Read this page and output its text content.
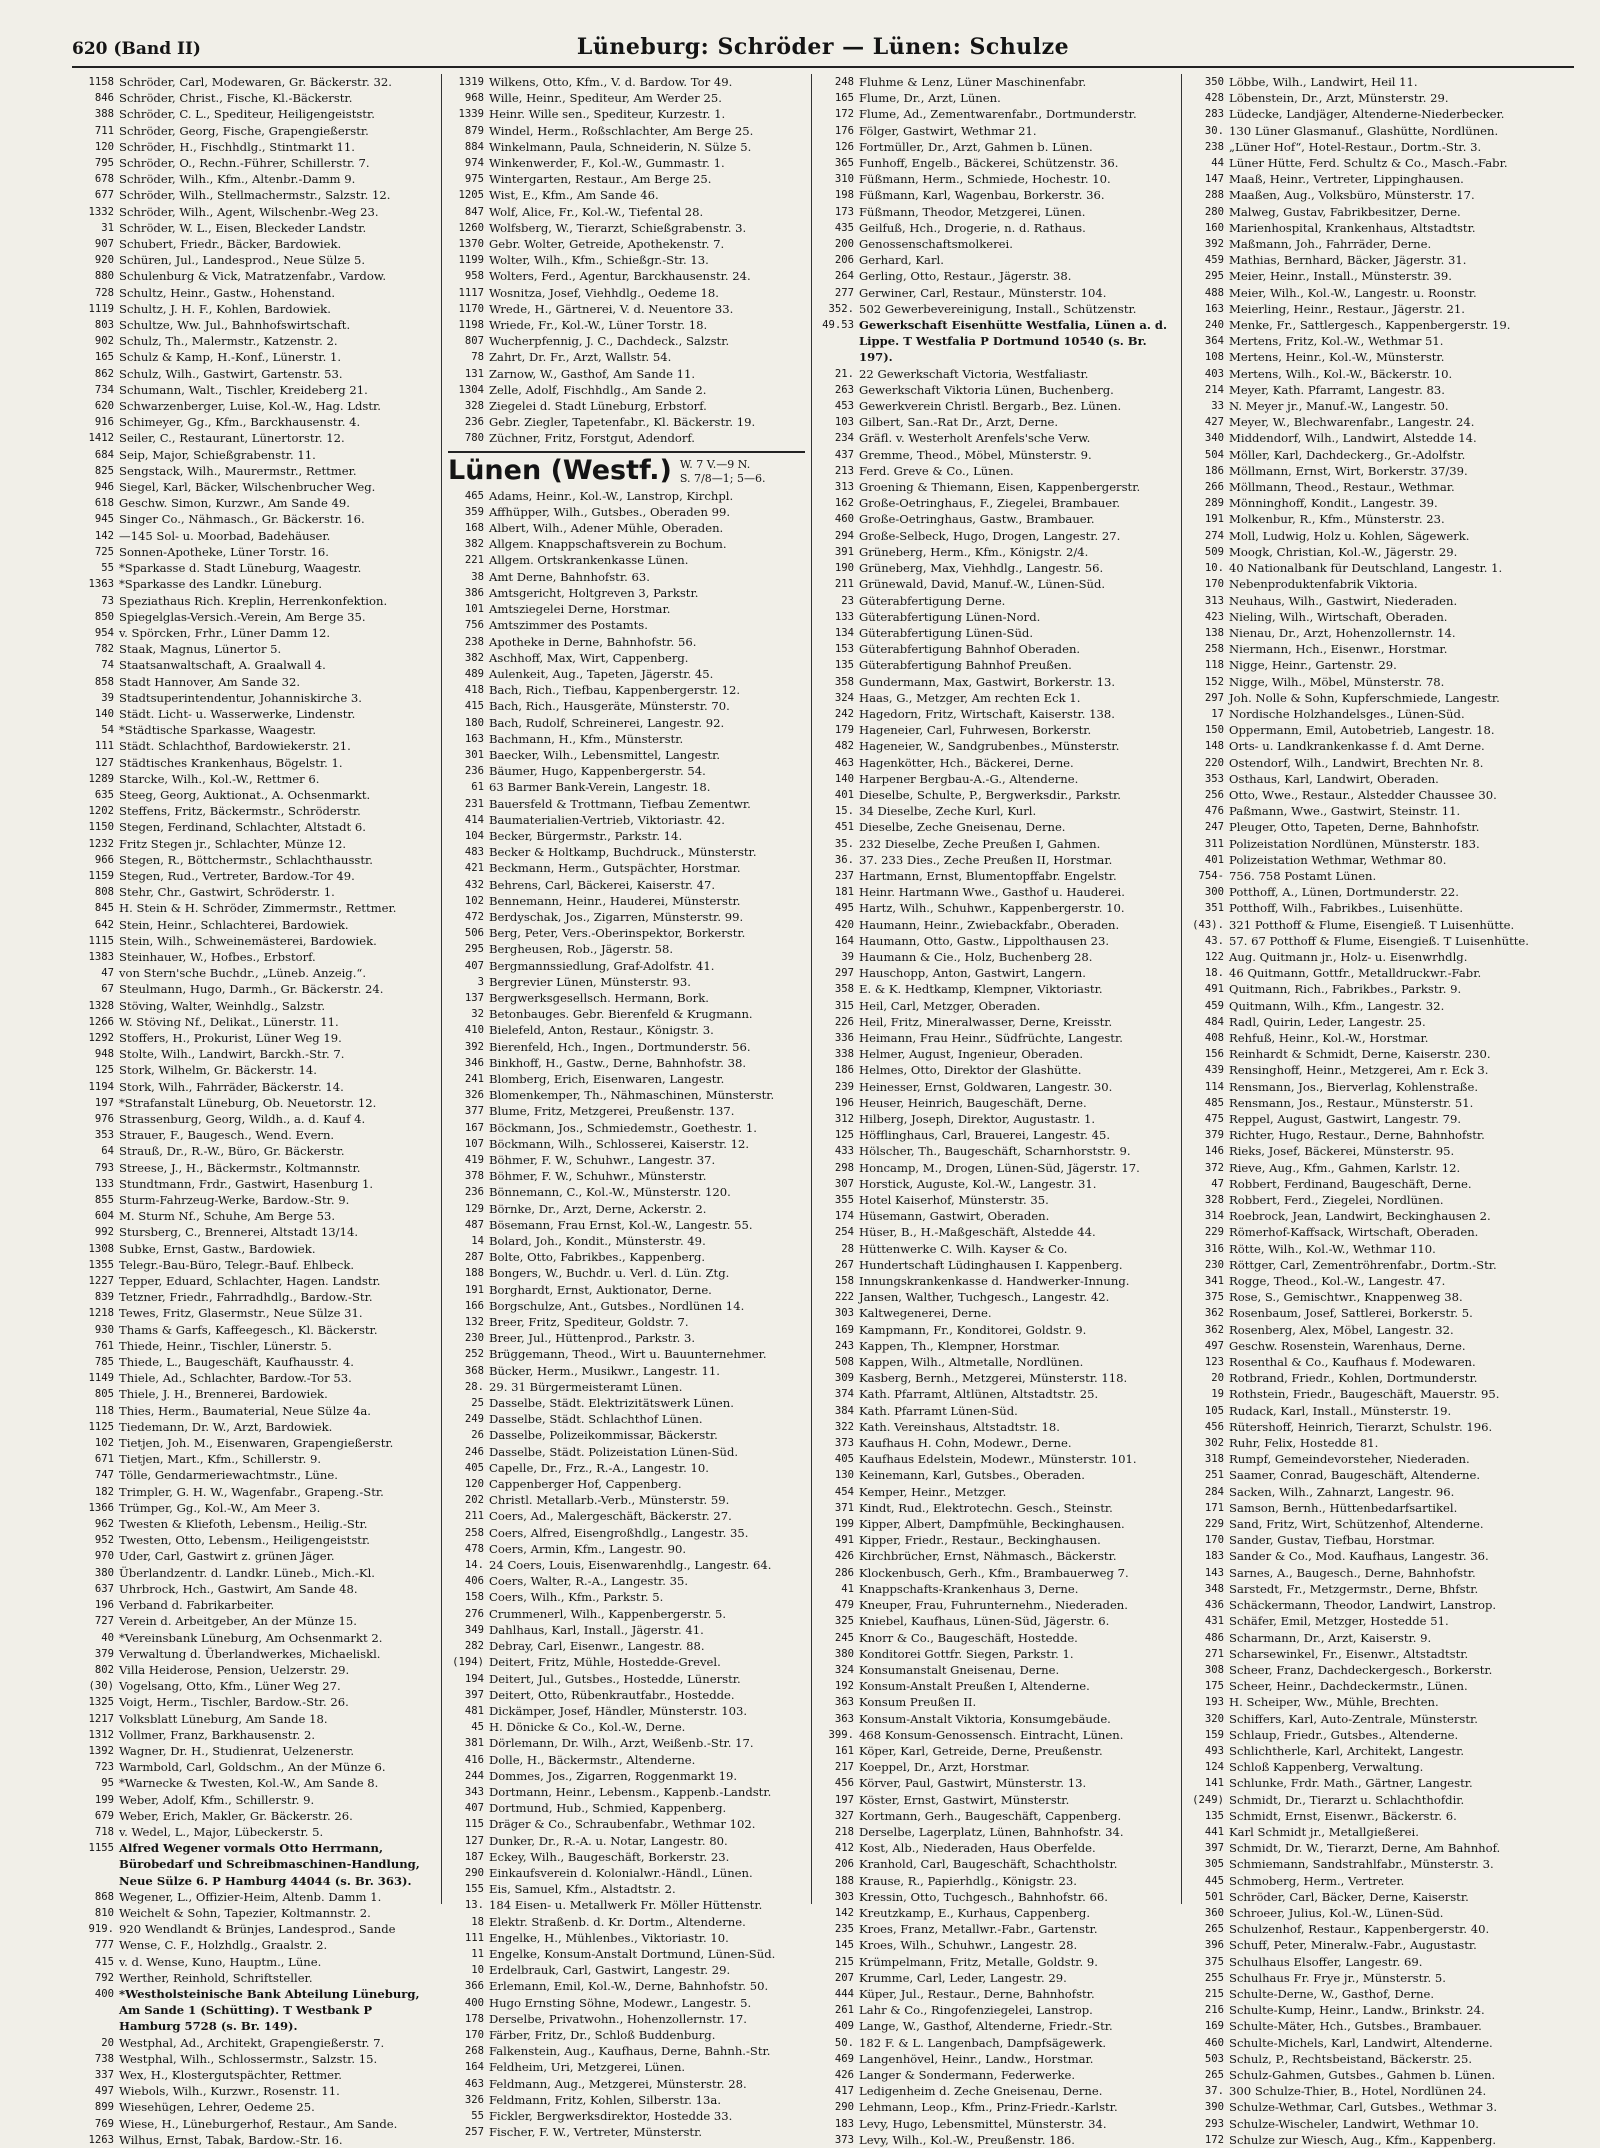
620 (Band II)	Lüneburg: Schröder — Lünen: Schulze
1158 Schröder, Carl, Modewaren, Gr. Bäckerstr. 32.
846 Schröder, Christ., Fische, Kl.-Bäckerstr.
388 Schröder, C. L., Spediteur, Heiligengeiststr.
711 Schröder, Georg, Fische, Grapengießerstr.
120 Schröder, H., Fischhdlg., Stintmarkt 11.
795 Schröder, O., Rechn.-Führer, Schillerstr. 7.
678 Schröder, Wilh., Kfm., Altenbr.-Damm 9.
677 Schröder, Wilh., Stellmachermstr., Salzstr. 12.
1332 Schröder, Wilh., Agent, Wilschenbr.-Weg 23.
31 Schröder, W. L., Eisen, Bleckeder Landstr.
907 Schubert, Friedr., Bäcker, Bardowiek.
920 Schüren, Jul., Landesprod., Neue Sülze 5.
880 Schulenburg & Vick, Matratzenfabr., Vardow.
728 Schultz, Heinr., Gastw., Hohenstand.
1119 Schultz, J. H. F., Kohlen, Bardowiek.
803 Schultze, Ww. Jul., Bahnhofswirtschaft.
902 Schulz, Th., Malermstr., Katzenstr. 2.
165 Schulz & Kamp, H.-Konf., Lünerstr. 1.
862 Schulz, Wilh., Gastwirt, Gartenstr. 53.
734 Schumann, Walt., Tischler, Kreideberg 21.
620 Schwarzenberger, Luise, Kol.-W., Hag. Ldstr.
916 Schimeyer, Gg., Kfm., Barckhausenstr. 4.
1412 Seiler, C., Restaurant, Lünertorstr. 12.
684 Seip, Major, Schießgrabenstr. 11.
825 Sengstack, Wilh., Maurermstr., Rettmer.
946 Siegel, Karl, Bäcker, Wilschenbrucher Weg.
618 Geschw. Simon, Kurzwr., Am Sande 49.
945 Singer Co., Nähmasch., Gr. Bäckerstr. 16.
142 —145 Sol- u. Moorbad, Badehäuser.
725 Sonnen-Apotheke, Lüner Torstr. 16.
55 *Sparkasse d. Stadt Lüneburg, Waagestr.
1363 *Sparkasse des Landkr. Lüneburg.
73 Speziathaus Rich. Kreplin, Herrenkonfektion.
850 Spiegelglas-Versich.-Verein, Am Berge 35.
954 v. Spörcken, Frhr., Lüner Damm 12.
782 Staak, Magnus, Lünertor 5.
74 Staatsanwaltschaft, A. Graalwall 4.
858 Stadt Hannover, Am Sande 32.
39 Stadtsuperintendentur, Johanniskirche 3.
140 Städt. Licht- u. Wasserwerke, Lindenstr.
54 *Städtische Sparkasse, Waagestr.
111 Städt. Schlachthof, Bardowiekerstr. 21.
127 Städtisches Krankenhaus, Bögelstr. 1.
1289 Starcke, Wilh., Kol.-W., Rettmer 6.
635 Steeg, Georg, Auktionat., A. Ochsenmarkt.
1202 Steffens, Fritz, Bäckermstr., Schröderstr.
1150 Stegen, Ferdinand, Schlachter, Altstadt 6.
1232 Fritz Stegen jr., Schlachter, Münze 12.
966 Stegen, R., Böttchermstr., Schlachthausstr.
1159 Stegen, Rud., Vertreter, Bardow.-Tor 49.
808 Stehr, Chr., Gastwirt, Schröderstr. 1.
845 H. Stein & H. Schröder, Zimmermstr., Rettmer.
642 Stein, Heinr., Schlachterei, Bardowiek.
1115 Stein, Wilh., Schweinemästerei, Bardowiek.
1383 Steinhauer, W., Hofbes., Erbstorf.
47 von Stern'sche Buchdr., „Lüneb. Anzeig.“.
67 Steulmann, Hugo, Darmh., Gr. Bäckerstr. 24.
1328 Stöving, Walter, Weinhdlg., Salzstr.
1266 W. Stöving Nf., Delikat., Lünerstr. 11.
1292 Stoffers, H., Prokurist, Lüner Weg 19.
948 Stolte, Wilh., Landwirt, Barckh.-Str. 7.
125 Stork, Wilhelm, Gr. Bäckerstr. 14.
1194 Stork, Wilh., Fahrräder, Bäckerstr. 14.
197 *Strafanstalt Lüneburg, Ob. Neuetorstr. 12.
976 Strassenburg, Georg, Wildh., a. d. Kauf 4.
353 Strauer, F., Baugesch., Wend. Evern.
64 Strauß, Dr., R.-W., Büro, Gr. Bäckerstr.
793 Streese, J., H., Bäckermstr., Koltmannstr.
133 Stundtmann, Frdr., Gastwirt, Hasenburg 1.
855 Sturm-Fahrzeug-Werke, Bardow.-Str. 9.
604 M. Sturm Nf., Schuhe, Am Berge 53.
992 Stursberg, C., Brennerei, Altstadt 13/14.
1308 Subke, Ernst, Gastw., Bardowiek.
1355 Telegr.-Bau-Büro, Telegr.-Bauf. Ehlbeck.
1227 Tepper, Eduard, Schlachter, Hagen. Landstr.
839 Tetzner, Friedr., Fahrradhdlg., Bardow.-Str.
1218 Tewes, Fritz, Glasermstr., Neue Sülze 31.
930 Thams & Garfs, Kaffeegesch., Kl. Bäckerstr.
761 Thiede, Heinr., Tischler, Lünerstr. 5.
785 Thiede, L., Baugeschäft, Kaufhausstr. 4.
1149 Thiele, Ad., Schlachter, Bardow.-Tor 53.
805 Thiele, J. H., Brennerei, Bardowiek.
118 Thies, Herm., Baumaterial, Neue Sülze 4a.
1125 Tiedemann, Dr. W., Arzt, Bardowiek.
102 Tietjen, Joh. M., Eisenwaren, Grapengießerstr.
671 Tietjen, Mart., Kfm., Schillerstr. 9.
747 Tölle, Gendarmeriewachtmstr., Lüne.
182 Trimpler, G. H. W., Wagenfabr., Grapeng.-Str.
1366 Trümper, Gg., Kol.-W., Am Meer 3.
962 Twesten & Kliefoth, Lebensm., Heilig.-Str.
952 Twesten, Otto, Lebensm., Heiligengeiststr.
970 Uder, Carl, Gastwirt z. grünen Jäger.
380 Überlandzentr. d. Landkr. Lüneb., Mich.-Kl.
637 Uhrbrock, Hch., Gastwirt, Am Sande 48.
196 Verband d. Fabrikarbeiter.
727 Verein d. Arbeitgeber, An der Münze 15.
40 *Vereinsbank Lüneburg, Am Ochsenmarkt 2.
379 Verwaltung d. Überlandwerkes, Michaeliskl.
802 Villa Heiderose, Pension, Uelzerstr. 29.
(30) Vogelsang, Otto, Kfm., Lüner Weg 27.
1325 Voigt, Herm., Tischler, Bardow.-Str. 26.
1217 Volksblatt Lüneburg, Am Sande 18.
1312 Vollmer, Franz, Barkhausenstr. 2.
1392 Wagner, Dr. H., Studienrat, Uelzenerstr.
723 Warmbold, Carl, Goldschm., An der Münze 6.
95 *Warnecke & Twesten, Kol.-W., Am Sande 8.
199 Weber, Adolf, Kfm., Schillerstr. 9.
679 Weber, Erich, Makler, Gr. Bäckerstr. 26.
718 v. Wedel, L., Major, Lübeckerstr. 5.
1155 Alfred Wegener vormals Otto Herrmann, Bürobedarf und Schreibmaschinen-Handlung, Neue Sülze 6. P Hamburg 44044 (s. Br. 363).
868 Wegener, L., Offizier-Heim, Altenb. Damm 1.
810 Weichelt & Sohn, Tapezier, Koltmannstr. 2.
919. 920 Wendlandt & Brünjes, Landesprod., Sande
777 Wense, C. F., Holzhdlg., Graalstr. 2.
415 v. d. Wense, Kuno, Hauptm., Lüne.
792 Werther, Reinhold, Schriftsteller.
400 *Westholsteinische Bank Abteilung Lüneburg, Am Sande 1 (Schütting). T Westbank P Hamburg 5728 (s. Br. 149).
20 Westphal, Ad., Architekt, Grapengießerstr. 7.
738 Westphal, Wilh., Schlossermstr., Salzstr. 15.
337 Wex, H., Klostergutspächter, Rettmer.
497 Wiebols, Wilh., Kurzwr., Rosenstr. 11.
899 Wiesehügen, Lehrer, Oedeme 25.
769 Wiese, H., Lüneburgerhof, Restaur., Am Sande.
1263 Wilhus, Ernst, Tabak, Bardow.-Str. 16.
1319 Wilkens, Otto, Kfm., V. d. Bardow. Tor 49.
968 Wille, Heinr., Spediteur, Am Werder 25.
1339 Heinr. Wille sen., Spediteur, Kurzestr. 1.
879 Windel, Herm., Roßschlachter, Am Berge 25.
884 Winkelmann, Paula, Schneiderin, N. Sülze 5.
974 Winkenwerder, F., Kol.-W., Gummastr. 1.
975 Wintergarten, Restaur., Am Berge 25.
1205 Wist, E., Kfm., Am Sande 46.
847 Wolf, Alice, Fr., Kol.-W., Tiefental 28.
1260 Wolfsberg, W., Tierarzt, Schießgrabenstr. 3.
1370 Gebr. Wolter, Getreide, Apothekenstr. 7.
1199 Wolter, Wilh., Kfm., Schießgr.-Str. 13.
958 Wolters, Ferd., Agentur, Barckhausenstr. 24.
1117 Wosnitza, Josef, Viehhdlg., Oedeme 18.
1170 Wrede, H., Gärtnerei, V. d. Neuentore 33.
1198 Wriede, Fr., Kol.-W., Lüner Torstr. 18.
807 Wucherpfennig, J. C., Dachdeck., Salzstr.
78 Zahrt, Dr. Fr., Arzt, Wallstr. 54.
131 Zarnow, W., Gasthof, Am Sande 11.
1304 Zelle, Adolf, Fischhdlg., Am Sande 2.
328 Ziegelei d. Stadt Lüneburg, Erbstorf.
236 Gebr. Ziegler, Tapetenfabr., Kl. Bäckerstr. 19.
780 Züchner, Fritz, Forstgut, Adendorf.
Lünen (Westf.) W. 7 V.—9 N.
S. 7/8—1; 5—6.
465 Adams, Heinr., Kol.-W., Lanstrop, Kirchpl.
359 Affhüpper, Wilh., Gutsbes., Oberaden 99.
168 Albert, Wilh., Adener Mühle, Oberaden.
382 Allgem. Knappschaftsverein zu Bochum.
221 Allgem. Ortskrankenkasse Lünen.
38 Amt Derne, Bahnhofstr. 63.
386 Amtsgericht, Holtgreven 3, Parkstr.
101 Amtsziegelei Derne, Horstmar.
756 Amtszimmer des Postamts.
238 Apotheke in Derne, Bahnhofstr. 56.
382 Aschhoff, Max, Wirt, Cappenberg.
489 Aulenkeit, Aug., Tapeten, Jägerstr. 45.
418 Bach, Rich., Tiefbau, Kappenbergerstr. 12.
415 Bach, Rich., Hausgeräte, Münsterstr. 70.
180 Bach, Rudolf, Schreinerei, Langestr. 92.
163 Bachmann, H., Kfm., Münsterstr.
301 Baecker, Wilh., Lebensmittel, Langestr.
236 Bäumer, Hugo, Kappenbergerstr. 54.
61 63 Barmer Bank-Verein, Langestr. 18.
231 Bauersfeld & Trottmann, Tiefbau Zementwr.
414 Baumaterialien-Vertrieb, Viktoriastr. 42.
104 Becker, Bürgermstr., Parkstr. 14.
483 Becker & Holtkamp, Buchdruck., Münsterstr.
421 Beckmann, Herm., Gutspächter, Horstmar.
432 Behrens, Carl, Bäckerei, Kaiserstr. 47.
102 Bennemann, Heinr., Hauderei, Münsterstr.
472 Berdyschak, Jos., Zigarren, Münsterstr. 99.
506 Berg, Peter, Vers.-Oberinspektor, Borkerstr.
295 Bergheusen, Rob., Jägerstr. 58.
407 Bergmannssiedlung, Graf-Adolfstr. 41.
3 Bergrevier Lünen, Münsterstr. 93.
137 Bergwerksgesellsch. Hermann, Bork.
32 Betonbauges. Gebr. Bierenfeld & Krugmann.
410 Bielefeld, Anton, Restaur., Königstr. 3.
392 Bierenfeld, Hch., Ingen., Dortmunderstr. 56.
346 Binkhoff, H., Gastw., Derne, Bahnhofstr. 38.
241 Blomberg, Erich, Eisenwaren, Langestr.
326 Blomenkemper, Th., Nähmaschinen, Münsterstr.
377 Blume, Fritz, Metzgerei, Preußenstr. 137.
167 Böckmann, Jos., Schmiedemstr., Goethestr. 1.
107 Böckmann, Wilh., Schlosserei, Kaiserstr. 12.
419 Böhmer, F. W., Schuhwr., Langestr. 37.
378 Böhmer, F. W., Schuhwr., Münsterstr.
236 Bönnemann, C., Kol.-W., Münsterstr. 120.
129 Börnke, Dr., Arzt, Derne, Ackerstr. 2.
487 Bösemann, Frau Ernst, Kol.-W., Langestr. 55.
14 Bolard, Joh., Kondit., Münsterstr. 49.
287 Bolte, Otto, Fabrikbes., Kappenberg.
188 Bongers, W., Buchdr. u. Verl. d. Lün. Ztg.
191 Borghardt, Ernst, Auktionator, Derne.
166 Borgschulze, Ant., Gutsbes., Nordlünen 14.
132 Breer, Fritz, Spediteur, Goldstr. 7.
230 Breer, Jul., Hüttenprod., Parkstr. 3.
252 Brüggemann, Theod., Wirt u. Bauunternehmer.
368 Bücker, Herm., Musikwr., Langestr. 11.
28. 29. 31 Bürgermeisteramt Lünen.
25 Dasselbe, Städt. Elektrizitätswerk Lünen.
249 Dasselbe, Städt. Schlachthof Lünen.
26 Dasselbe, Polizeikommissar, Bäckerstr.
246 Dasselbe, Städt. Polizeistation Lünen-Süd.
405 Capelle, Dr., Frz., R.-A., Langestr. 10.
120 Cappenberger Hof, Cappenberg.
202 Christl. Metallarb.-Verb., Münsterstr. 59.
211 Coers, Ad., Malergeschäft, Bäckerstr. 27.
258 Coers, Alfred, Eisengroßhdlg., Langestr. 35.
478 Coers, Armin, Kfm., Langestr. 90.
14. 24 Coers, Louis, Eisenwarenhdlg., Langestr. 64.
406 Coers, Walter, R.-A., Langestr. 35.
158 Coers, Wilh., Kfm., Parkstr. 5.
276 Crummenerl, Wilh., Kappenbergerstr. 5.
349 Dahlhaus, Karl, Install., Jägerstr. 41.
282 Debray, Carl, Eisenwr., Langestr. 88.
(194) Deitert, Fritz, Mühle, Hostedde-Grevel.
194 Deitert, Jul., Gutsbes., Hostedde, Lünerstr.
397 Deitert, Otto, Rübenkrautfabr., Hostedde.
481 Dickämper, Josef, Händler, Münsterstr. 103.
45 H. Dönicke & Co., Kol.-W., Derne.
381 Dörlemann, Dr. Wilh., Arzt, Weißenb.-Str. 17.
416 Dolle, H., Bäckermstr., Altenderne.
244 Dommes, Jos., Zigarren, Roggenmarkt 19.
343 Dortmann, Heinr., Lebensm., Kappenb.-Landstr.
407 Dortmund, Hub., Schmied, Kappenberg.
115 Dräger & Co., Schraubenfabr., Wethmar 102.
127 Dunker, Dr., R.-A. u. Notar, Langestr. 80.
187 Eckey, Wilh., Baugeschäft, Borkerstr. 23.
290 Einkaufsverein d. Kolonialwr.-Händl., Lünen.
155 Eis, Samuel, Kfm., Alstadtstr. 2.
13. 184 Eisen- u. Metallwerk Fr. Möller Hüttenstr.
18 Elektr. Straßenb. d. Kr. Dortm., Altenderne.
111 Engelke, H., Mühlenbes., Viktoriastr. 10.
11 Engelke, Konsum-Anstalt Dortmund, Lünen-Süd.
10 Erdelbrauk, Carl, Gastwirt, Langestr. 29.
366 Erlemann, Emil, Kol.-W., Derne, Bahnhofstr. 50.
400 Hugo Ernsting Söhne, Modewr., Langestr. 5.
178 Derselbe, Privatwohn., Hohenzollernstr. 17.
170 Färber, Fritz, Dr., Schloß Buddenburg.
268 Falkenstein, Aug., Kaufhaus, Derne, Bahnh.-Str.
164 Feldheim, Uri, Metzgerei, Lünen.
463 Feldmann, Aug., Metzgerei, Münsterstr. 28.
326 Feldmann, Fritz, Kohlen, Silberstr. 13a.
55 Fickler, Bergwerksdirektor, Hostedde 33.
257 Fischer, F. W., Vertreter, Münsterstr.
248 Fluhme & Lenz, Lüner Maschinenfabr.
165 Flume, Dr., Arzt, Lünen.
172 Flume, Ad., Zementwarenfabr., Dortmunderstr.
176 Fölger, Gastwirt, Wethmar 21.
126 Fortmüller, Dr., Arzt, Gahmen b. Lünen.
365 Funhoff, Engelb., Bäckerei, Schützenstr. 36.
310 Füßmann, Herm., Schmiede, Hochestr. 10.
198 Füßmann, Karl, Wagenbau, Borkerstr. 36.
173 Füßmann, Theodor, Metzgerei, Lünen.
435 Geilfuß, Hch., Drogerie, n. d. Rathaus.
200 Genossenschaftsmolkerei.
206 Gerhard, Karl.
264 Gerling, Otto, Restaur., Jägerstr. 38.
277 Gerwiner, Carl, Restaur., Münsterstr. 104.
352. 502 Gewerbevereinigung, Install., Schützenstr.
49.53 Gewerkschaft Eisenhütte Westfalia, Lünen a. d. Lippe. T Westfalia P Dortmund 10540 (s. Br. 197).
21. 22 Gewerkschaft Victoria, Westfaliastr.
263 Gewerkschaft Viktoria Lünen, Buchenberg.
453 Gewerkverein Christl. Bergarb., Bez. Lünen.
103 Gilbert, San.-Rat Dr., Arzt, Derne.
234 Gräfl. v. Westerholt Arenfels'sche Verw.
437 Gremme, Theod., Möbel, Münsterstr. 9.
213 Ferd. Greve & Co., Lünen.
313 Groening & Thiemann, Eisen, Kappenbergerstr.
162 Große-Oetringhaus, F., Ziegelei, Brambauer.
460 Große-Oetringhaus, Gastw., Brambauer.
294 Große-Selbeck, Hugo, Drogen, Langestr. 27.
391 Grüneberg, Herm., Kfm., Königstr. 2/4.
190 Grüneberg, Max, Viehhdlg., Langestr. 56.
211 Grünewald, David, Manuf.-W., Lünen-Süd.
23 Güterabfertigung Derne.
133 Güterabfertigung Lünen-Nord.
134 Güterabfertigung Lünen-Süd.
153 Güterabfertigung Bahnhof Oberaden.
135 Güterabfertigung Bahnhof Preußen.
358 Gundermann, Max, Gastwirt, Borkerstr. 13.
324 Haas, G., Metzger, Am rechten Eck 1.
242 Hagedorn, Fritz, Wirtschaft, Kaiserstr. 138.
179 Hageneier, Carl, Fuhrwesen, Borkerstr.
482 Hageneier, W., Sandgrubenbes., Münsterstr.
463 Hagenkötter, Hch., Bäckerei, Derne.
140 Harpener Bergbau-A.-G., Altenderne.
401 Dieselbe, Schulte, P., Bergwerksdir., Parkstr.
15. 34 Dieselbe, Zeche Kurl, Kurl.
451 Dieselbe, Zeche Gneisenau, Derne.
35. 232 Dieselbe, Zeche Preußen I, Gahmen.
36. 37. 233 Dies., Zeche Preußen II, Horstmar.
237 Hartmann, Ernst, Blumentopffabr. Engelstr.
181 Heinr. Hartmann Wwe., Gasthof u. Hauderei.
495 Hartz, Wilh., Schuhwr., Kappenbergerstr. 10.
420 Haumann, Heinr., Zwiebackfabr., Oberaden.
164 Haumann, Otto, Gastw., Lippolthausen 23.
39 Haumann & Cie., Holz, Buchenberg 28.
297 Hauschopp, Anton, Gastwirt, Langern.
358 E. & K. Hedtkamp, Klempner, Viktoriastr.
315 Heil, Carl, Metzger, Oberaden.
226 Heil, Fritz, Mineralwasser, Derne, Kreisstr.
336 Heimann, Frau Heinr., Südfrüchte, Langestr.
338 Helmer, August, Ingenieur, Oberaden.
186 Helmes, Otto, Direktor der Glashütte.
239 Heinesser, Ernst, Goldwaren, Langestr. 30.
196 Heuser, Heinrich, Baugeschäft, Derne.
312 Hilberg, Joseph, Direktor, Augustastr. 1.
125 Höfflinghaus, Carl, Brauerei, Langestr. 45.
433 Hölscher, Th., Baugeschäft, Scharnhorststr. 9.
298 Honcamp, M., Drogen, Lünen-Süd, Jägerstr. 17.
307 Horstick, Auguste, Kol.-W., Langestr. 31.
355 Hotel Kaiserhof, Münsterstr. 35.
174 Hüsemann, Gastwirt, Oberaden.
254 Hüser, B., H.-Maßgeschäft, Alstedde 44.
28 Hüttenwerke C. Wilh. Kayser & Co.
267 Hundertschaft Lüdinghausen I. Kappenberg.
158 Innungskrankenkasse d. Handwerker-Innung.
222 Jansen, Walther, Tuchgesch., Langestr. 42.
303 Kaltwegenerei, Derne.
169 Kampmann, Fr., Konditorei, Goldstr. 9.
243 Kappen, Th., Klempner, Horstmar.
508 Kappen, Wilh., Altmetalle, Nordlünen.
309 Kasberg, Bernh., Metzgerei, Münsterstr. 118.
374 Kath. Pfarramt, Altlünen, Altstadtstr. 25.
384 Kath. Pfarramt Lünen-Süd.
322 Kath. Vereinshaus, Altstadtstr. 18.
373 Kaufhaus H. Cohn, Modewr., Derne.
405 Kaufhaus Edelstein, Modewr., Münsterstr. 101.
130 Keinemann, Karl, Gutsbes., Oberaden.
454 Kemper, Heinr., Metzger.
371 Kindt, Rud., Elektrotechn. Gesch., Steinstr.
199 Kipper, Albert, Dampfmühle, Beckinghausen.
491 Kipper, Friedr., Restaur., Beckinghausen.
426 Kirchbrücher, Ernst, Nähmasch., Bäckerstr.
286 Klockenbusch, Gerh., Kfm., Brambauerweg 7.
41 Knappschafts-Krankenhaus 3, Derne.
479 Kneuper, Frau, Fuhrunternehm., Niederaden.
325 Kniebel, Kaufhaus, Lünen-Süd, Jägerstr. 6.
245 Knorr & Co., Baugeschäft, Hostedde.
380 Konditorei Gottfr. Siegen, Parkstr. 1.
324 Konsumanstalt Gneisenau, Derne.
192 Konsum-Anstalt Preußen I, Altenderne.
363 Konsum Preußen II.
363 Konsum-Anstalt Viktoria, Konsumgebäude.
399. 468 Konsum-Genossensch. Eintracht, Lünen.
161 Köper, Karl, Getreide, Derne, Preußenstr.
217 Koeppel, Dr., Arzt, Horstmar.
456 Körver, Paul, Gastwirt, Münsterstr. 13.
197 Köster, Ernst, Gastwirt, Münsterstr.
327 Kortmann, Gerh., Baugeschäft, Cappenberg.
218 Derselbe, Lagerplatz, Lünen, Bahnhofstr. 34.
412 Kost, Alb., Niederaden, Haus Oberfelde.
206 Kranhold, Carl, Baugeschäft, Schachtholstr.
188 Krause, R., Papierhdlg., Königstr. 23.
303 Kressin, Otto, Tuchgesch., Bahnhofstr. 66.
142 Kreutzkamp, E., Kurhaus, Cappenberg.
235 Kroes, Franz, Metallwr.-Fabr., Gartenstr.
145 Kroes, Wilh., Schuhwr., Langestr. 28.
215 Krümpelmann, Fritz, Metalle, Goldstr. 9.
207 Krumme, Carl, Leder, Langestr. 29.
444 Küper, Jul., Restaur., Derne, Bahnhofstr.
261 Lahr & Co., Ringofenziegelei, Lanstrop.
409 Lange, W., Gasthof, Altenderne, Friedr.-Str.
50. 182 F. & L. Langenbach, Dampfsägewerk.
469 Langenhövel, Heinr., Landw., Horstmar.
426 Langer & Sondermann, Federwerke.
417 Ledigenheim d. Zeche Gneisenau, Derne.
290 Lehmann, Leop., Kfm., Prinz-Friedr.-Karlstr.
183 Levy, Hugo, Lebensmittel, Münsterstr. 34.
373 Levy, Wilh., Kol.-W., Preußenstr. 186.
350 Löbbe, Wilh., Landwirt, Heil 11.
428 Löbenstein, Dr., Arzt, Münsterstr. 29.
283 Lüdecke, Landjäger, Altenderne-Niederbecker.
30. 130 Lüner Glasmanuf., Glashütte, Nordlünen.
238 „Lüner Hof“, Hotel-Restaur., Dortm.-Str. 3.
44 Lüner Hütte, Ferd. Schultz & Co., Masch.-Fabr.
147 Maaß, Heinr., Vertreter, Lippinghausen.
288 Maaßen, Aug., Volksbüro, Münsterstr. 17.
280 Malweg, Gustav, Fabrikbesitzer, Derne.
160 Marienhospital, Krankenhaus, Altstadtstr.
392 Maßmann, Joh., Fahrräder, Derne.
459 Mathias, Bernhard, Bäcker, Jägerstr. 31.
295 Meier, Heinr., Install., Münsterstr. 39.
488 Meier, Wilh., Kol.-W., Langestr. u. Roonstr.
163 Meierling, Heinr., Restaur., Jägerstr. 21.
240 Menke, Fr., Sattlergesch., Kappenbergerstr. 19.
364 Mertens, Fritz, Kol.-W., Wethmar 51.
108 Mertens, Heinr., Kol.-W., Münsterstr.
403 Mertens, Wilh., Kol.-W., Bäckerstr. 10.
214 Meyer, Kath. Pfarramt, Langestr. 83.
33 N. Meyer jr., Manuf.-W., Langestr. 50.
427 Meyer, W., Blechwarenfabr., Langestr. 24.
340 Middendorf, Wilh., Landwirt, Alstedde 14.
504 Möller, Karl, Dachdeckerg., Gr.-Adolfstr.
186 Möllmann, Ernst, Wirt, Borkerstr. 37/39.
266 Möllmann, Theod., Restaur., Wethmar.
289 Mönninghoff, Kondit., Langestr. 39.
191 Molkenbur, R., Kfm., Münsterstr. 23.
274 Moll, Ludwig, Holz u. Kohlen, Sägewerk.
509 Moogk, Christian, Kol.-W., Jägerstr. 29.
10. 40 Nationalbank für Deutschland, Langestr. 1.
170 Nebenproduktenfabrik Viktoria.
313 Neuhaus, Wilh., Gastwirt, Niederaden.
423 Nieling, Wilh., Wirtschaft, Oberaden.
138 Nienau, Dr., Arzt, Hohenzollernstr. 14.
258 Niermann, Hch., Eisenwr., Horstmar.
118 Nigge, Heinr., Gartenstr. 29.
152 Nigge, Wilh., Möbel, Münsterstr. 78.
297 Joh. Nolle & Sohn, Kupferschmiede, Langestr.
17 Nordische Holzhandelsges., Lünen-Süd.
150 Oppermann, Emil, Autobetrieb, Langestr. 18.
148 Orts- u. Landkrankenkasse f. d. Amt Derne.
220 Ostendorf, Wilh., Landwirt, Brechten Nr. 8.
353 Osthaus, Karl, Landwirt, Oberaden.
256 Otto, Wwe., Restaur., Alstedder Chaussee 30.
476 Paßmann, Wwe., Gastwirt, Steinstr. 11.
247 Pleuger, Otto, Tapeten, Derne, Bahnhofstr.
311 Polizeistation Nordlünen, Münsterstr. 183.
401 Polizeistation Wethmar, Wethmar 80.
754- 756. 758 Postamt Lünen.
300 Potthoff, A., Lünen, Dortmunderstr. 22.
351 Potthoff, Wilh., Fabrikbes., Luisenhütte.
(43). 321 Potthoff & Flume, Eisengieß. T Luisenhütte.
43. 57. 67 Potthoff & Flume, Eisengieß. T Luisenhütte.
122 Aug. Quitmann jr., Holz- u. Eisenwrhdlg.
18. 46 Quitmann, Gottfr., Metalldruckwr.-Fabr.
491 Quitmann, Rich., Fabrikbes., Parkstr. 9.
459 Quitmann, Wilh., Kfm., Langestr. 32.
484 Radl, Quirin, Leder, Langestr. 25.
408 Rehfuß, Heinr., Kol.-W., Horstmar.
156 Reinhardt & Schmidt, Derne, Kaiserstr. 230.
439 Rensinghoff, Heinr., Metzgerei, Am r. Eck 3.
114 Rensmann, Jos., Bierverlag, Kohlenstraße.
485 Rensmann, Jos., Restaur., Münsterstr. 51.
475 Reppel, August, Gastwirt, Langestr. 79.
379 Richter, Hugo, Restaur., Derne, Bahnhofstr.
146 Rieks, Josef, Bäckerei, Münsterstr. 95.
372 Rieve, Aug., Kfm., Gahmen, Karlstr. 12.
47 Robbert, Ferdinand, Baugeschäft, Derne.
328 Robbert, Ferd., Ziegelei, Nordlünen.
314 Roebrock, Jean, Landwirt, Beckinghausen 2.
229 Römerhof-Kaffsack, Wirtschaft, Oberaden.
316 Rötte, Wilh., Kol.-W., Wethmar 110.
230 Röttger, Carl, Zementröhrenfabr., Dortm.-Str.
341 Rogge, Theod., Kol.-W., Langestr. 47.
375 Rose, S., Gemischtwr., Knappenweg 38.
362 Rosenbaum, Josef, Sattlerei, Borkerstr. 5.
362 Rosenberg, Alex, Möbel, Langestr. 32.
497 Geschw. Rosenstein, Warenhaus, Derne.
123 Rosenthal & Co., Kaufhaus f. Modewaren.
20 Rotbrand, Friedr., Kohlen, Dortmunderstr.
19 Rothstein, Friedr., Baugeschäft, Mauerstr. 95.
105 Rudack, Karl, Install., Münsterstr. 19.
456 Rütershoff, Heinrich, Tierarzt, Schulstr. 196.
302 Ruhr, Felix, Hostedde 81.
318 Rumpf, Gemeindevorsteher, Niederaden.
251 Saamer, Conrad, Baugeschäft, Altenderne.
284 Sacken, Wilh., Zahnarzt, Langestr. 96.
171 Samson, Bernh., Hüttenbedarfsartikel.
229 Sand, Fritz, Wirt, Schützenhof, Altenderne.
170 Sander, Gustav, Tiefbau, Horstmar.
183 Sander & Co., Mod. Kaufhaus, Langestr. 36.
143 Sarnes, A., Baugesch., Derne, Bahnhofstr.
348 Sarstedt, Fr., Metzgermstr., Derne, Bhfstr.
436 Schäckermann, Theodor, Landwirt, Lanstrop.
431 Schäfer, Emil, Metzger, Hostedde 51.
486 Scharmann, Dr., Arzt, Kaiserstr. 9.
271 Scharsewinkel, Fr., Eisenwr., Altstadtstr.
308 Scheer, Franz, Dachdeckergesch., Borkerstr.
175 Scheer, Heinr., Dachdeckermstr., Lünen.
193 H. Scheiper, Ww., Mühle, Brechten.
320 Schiffers, Karl, Auto-Zentrale, Münsterstr.
159 Schlaup, Friedr., Gutsbes., Altenderne.
493 Schlichtherle, Karl, Architekt, Langestr.
124 Schloß Kappenberg, Verwaltung.
141 Schlunke, Frdr. Math., Gärtner, Langestr.
(249) Schmidt, Dr., Tierarzt u. Schlachthofdir.
135 Schmidt, Ernst, Eisenwr., Bäckerstr. 6.
441 Karl Schmidt jr., Metallgießerei.
397 Schmidt, Dr. W., Tierarzt, Derne, Am Bahnhof.
305 Schmiemann, Sandstrahlfabr., Münsterstr. 3.
445 Schmoberg, Herm., Vertreter.
501 Schröder, Carl, Bäcker, Derne, Kaiserstr.
360 Schroeer, Julius, Kol.-W., Lünen-Süd.
265 Schulzenhof, Restaur., Kappenbergerstr. 40.
396 Schuff, Peter, Mineralw.-Fabr., Augustastr.
375 Schulhaus Elsoffer, Langestr. 69.
255 Schulhaus Fr. Frye jr., Münsterstr. 5.
215 Schulte-Derne, W., Gasthof, Derne.
216 Schulte-Kump, Heinr., Landw., Brinkstr. 24.
169 Schulte-Mäter, Hch., Gutsbes., Brambauer.
460 Schulte-Michels, Karl, Landwirt, Altenderne.
503 Schulz, P., Rechtsbeistand, Bäckerstr. 25.
265 Schulz-Gahmen, Gutsbes., Gahmen b. Lünen.
37. 300 Schulze-Thier, B., Hotel, Nordlünen 24.
390 Schulze-Wethmar, Carl, Gutsbes., Wethmar 3.
293 Schulze-Wischeler, Landwirt, Wethmar 10.
172 Schulze zur Wiesch, Aug., Kfm., Kappenberg.
